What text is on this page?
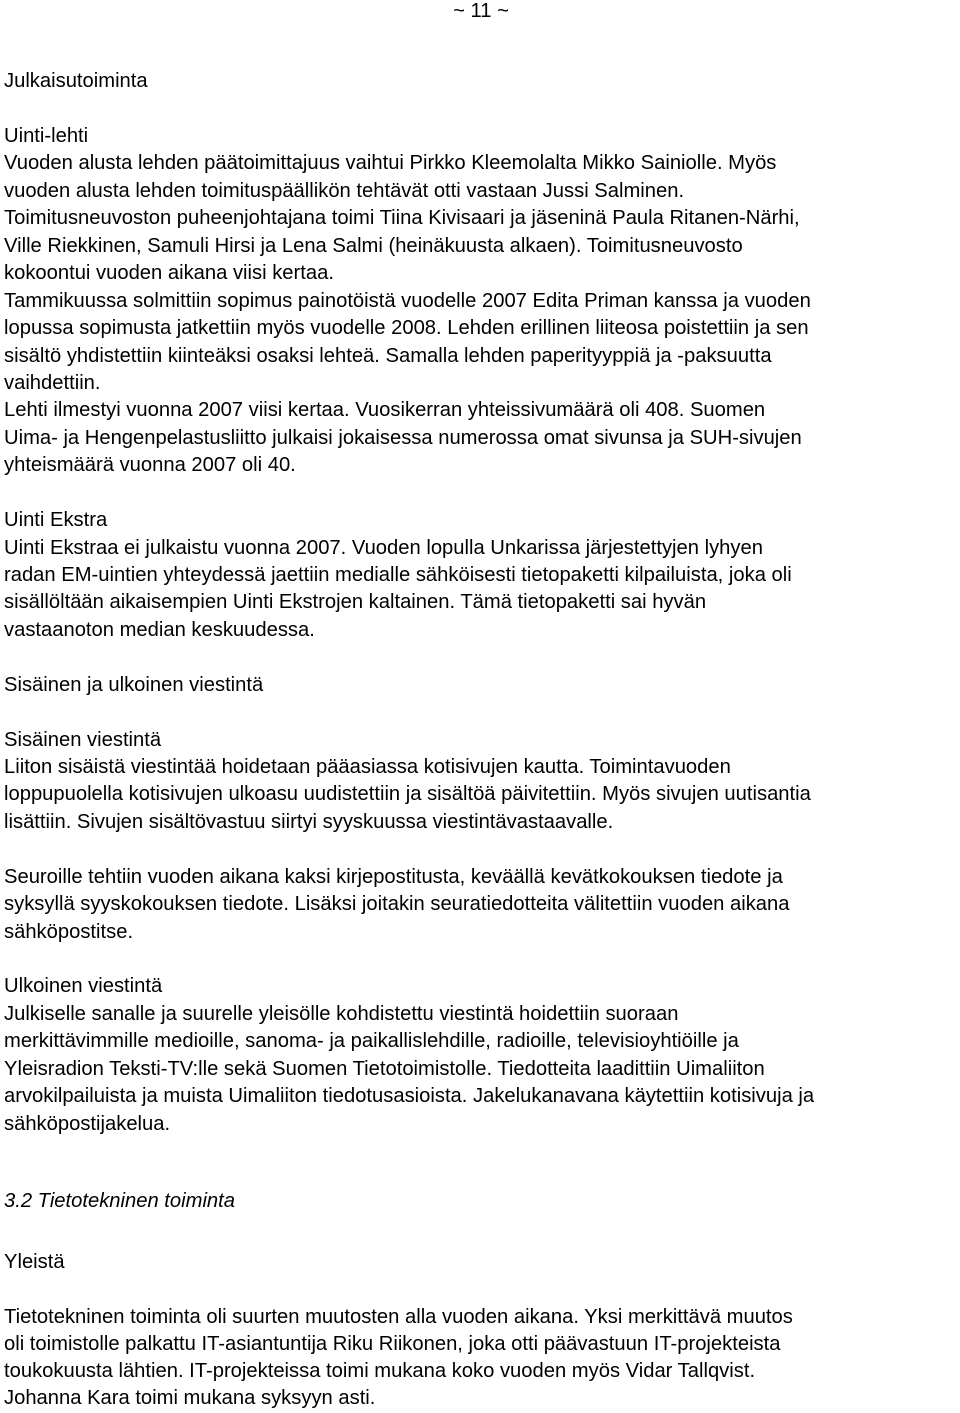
~ 11 ~
Julkaisutoiminta
Uinti-lehti
Vuoden alusta lehden päätoimittajuus vaihtui Pirkko Kleemolalta Mikko Sainiolle. Myös
vuoden alusta lehden toimituspäällikön tehtävät otti vastaan Jussi Salminen.
Toimitusneuvoston puheenjohtajana toimi Tiina Kivisaari ja jäseninä Paula Ritanen-Närhi,
Ville Riekkinen, Samuli Hirsi ja Lena Salmi (heinäkuusta alkaen). Toimitusneuvosto
kokoontui vuoden aikana viisi kertaa.
Tammikuussa solmittiin sopimus painotöistä vuodelle 2007 Edita Priman kanssa ja vuoden
lopussa sopimusta jatkettiin myös vuodelle 2008. Lehden erillinen liiteosa poistettiin ja sen
sisältö yhdistettiin kiinteäksi osaksi lehteä. Samalla lehden paperityyppiä ja -paksuutta
vaihdettiin.
Lehti ilmestyi vuonna 2007 viisi kertaa. Vuosikerran yhteissivumäärä oli 408. Suomen
Uima- ja Hengenpelastusliitto julkaisi jokaisessa numerossa omat sivunsa ja SUH-sivujen
yhteismäärä vuonna 2007 oli 40.
Uinti Ekstra
Uinti Ekstraa ei julkaistu vuonna 2007. Vuoden lopulla Unkarissa järjestettyjen lyhyen
radan EM-uintien yhteydessä jaettiin medialle sähköisesti tietopaketti kilpailuista, joka oli
sisällöltään aikaisempien Uinti Ekstrojen kaltainen. Tämä tietopaketti sai hyvän
vastaanoton median keskuudessa.
Sisäinen ja ulkoinen viestintä
Sisäinen viestintä
Liiton sisäistä viestintää hoidetaan pääasiassa kotisivujen kautta. Toimintavuoden
loppupuolella kotisivujen ulkoasu uudistettiin ja sisältöä päivitettiin. Myös sivujen uutisantia
lisättiin. Sivujen sisältövastuu siirtyi syyskuussa viestintävastaavalle.
Seuroille tehtiin vuoden aikana kaksi kirjepostitusta, keväällä kevätkokouksen tiedote ja
syksyllä syyskokouksen tiedote. Lisäksi joitakin seuratiedotteita välitettiin vuoden aikana
sähköpostitse.
Ulkoinen viestintä
Julkiselle sanalle ja suurelle yleisölle kohdistettu viestintä hoidettiin suoraan
merkittävimmille medioille, sanoma- ja paikallislehdille, radioille, televisioyhtiöille ja
Yleisradion Teksti-TV:lle sekä Suomen Tietotoimistolle. Tiedotteita laadittiin Uimaliiton
arvokilpailuista ja muista Uimaliiton tiedotusasioista. Jakelukanavana käytettiin kotisivuja ja
sähköpostijakelua.
3.2 Tietotekninen toiminta
Yleistä
Tietotekninen toiminta oli suurten muutosten alla vuoden aikana. Yksi merkittävä muutos
oli toimistolle palkattu IT-asiantuntija Riku Riikonen, joka otti päävastuun IT-projekteista
toukokuusta lähtien. IT-projekteissa toimi mukana koko vuoden myös Vidar Tallqvist.
Johanna Kara toimi mukana syksyyn asti.
